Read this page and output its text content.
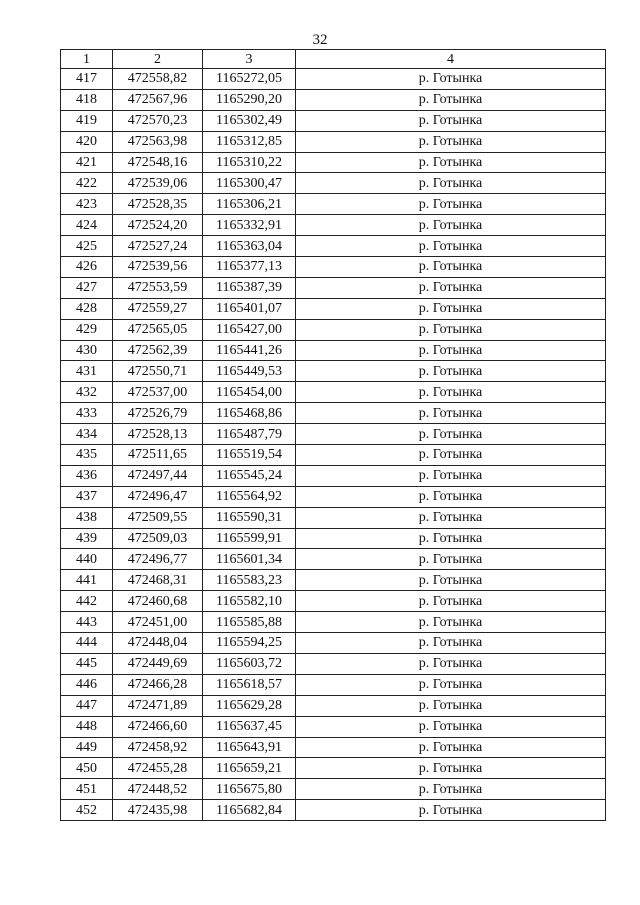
32
1	2	3	4
417	472558,82	1165272,05	р. Готынка
418	472567,96	1165290,20	р. Готынка
419	472570,23	1165302,49	р. Готынка
420	472563,98	1165312,85	р. Готынка
421	472548,16	1165310,22	р. Готынка
422	472539,06	1165300,47	р. Готынка
423	472528,35	1165306,21	р. Готынка
424	472524,20	1165332,91	р. Готынка
425	472527,24	1165363,04	р. Готынка
426	472539,56	1165377,13	р. Готынка
427	472553,59	1165387,39	р. Готынка
428	472559,27	1165401,07	р. Готынка
429	472565,05	1165427,00	р. Готынка
430	472562,39	1165441,26	р. Готынка
431	472550,71	1165449,53	р. Готынка
432	472537,00	1165454,00	р. Готынка
433	472526,79	1165468,86	р. Готынка
434	472528,13	1165487,79	р. Готынка
435	472511,65	1165519,54	р. Готынка
436	472497,44	1165545,24	р. Готынка
437	472496,47	1165564,92	р. Готынка
438	472509,55	1165590,31	р. Готынка
439	472509,03	1165599,91	р. Готынка
440	472496,77	1165601,34	р. Готынка
441	472468,31	1165583,23	р. Готынка
442	472460,68	1165582,10	р. Готынка
443	472451,00	1165585,88	р. Готынка
444	472448,04	1165594,25	р. Готынка
445	472449,69	1165603,72	р. Готынка
446	472466,28	1165618,57	р. Готынка
447	472471,89	1165629,28	р. Готынка
448	472466,60	1165637,45	р. Готынка
449	472458,92	1165643,91	р. Готынка
450	472455,28	1165659,21	р. Готынка
451	472448,52	1165675,80	р. Готынка
452	472435,98	1165682,84	р. Готынка
